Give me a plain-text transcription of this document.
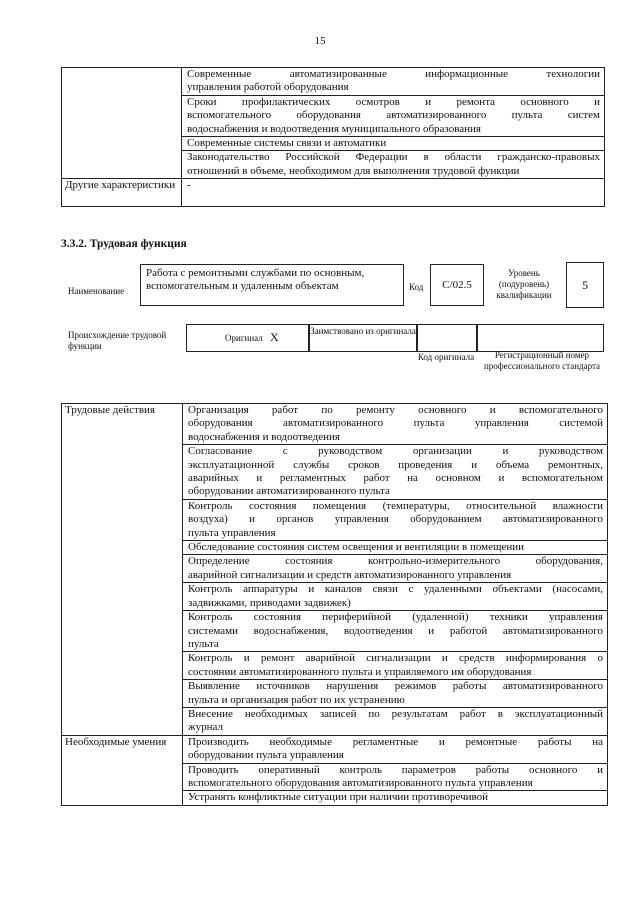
15
	Современные автоматизированные информационные технологии

управления работой оборудования

	Сроки профилактических осмотров и ремонта основного и
вспомогательного оборудования автоматизированного пульта систем

водоснабжения и водоотведения муниципального образования

	Современные системы связи и автоматики

	Законодательство Российской Федерации в области гражданско-правовых

отношений в объеме, необходимом для выполнения трудовой функции

Другие характеристики	-
3.3.2. Трудовая функция
Наименование
Работа с ремонтными службами по основным, вспомогательным и удаленным объектам	Код	C/02.5
Уровень (подуровень) квалификации
5
Происхождение трудовой функции
Оригинал X	Заимствовано из оригинала
Код оригинала	Регистрационный номер профессионального стандарта
Трудовые действия	Организация работ по ремонту основного и вспомогательного
оборудования автоматизированного пульта управления системой

водоснабжения и водоотведения

	Согласование с руководством организации и руководством
эксплуатационной службы сроков проведения и объема ремонтных,
аварийных и регламентных работ на основном и вспомогательном

оборудовании автоматизированного пульта

	Контроль состояния помещения (температуры, относительной влажности
воздуха) и органов управления оборудованием автоматизированного

пульта управления

	Обследование состояния систем освещения и вентиляции в помещении

	Определение состояния контрольно-измерительного оборудования,

аварийной сигнализации и средств автоматизированного управления

	Контроль аппаратуры и каналов связи с удаленными объектами (насосами,

задвижками, приводами задвижек)

	Контроль состояния периферийной (удаленной) техники управления
системами водоснабжения, водоотведения и работой автоматизированного

пульта

	Контроль и ремонт аварийной сигнализации и средств информирования о

состоянии автоматизированного пульта и управляемого им оборудования

	Выявление источников нарушения режимов работы автоматизированного

пульта и организация работ по их устранению

	Внесение необходимых записей по результатам работ в эксплуатационный

журнал

Необходимые умения	Производить необходимые регламентные и ремонтные работы на

оборудовании пульта управления

	Проводить оперативный контроль параметров работы основного и

вспомогательного оборудования автоматизированного пульта управления

	Устранять конфликтные ситуации при наличии противоречивой
